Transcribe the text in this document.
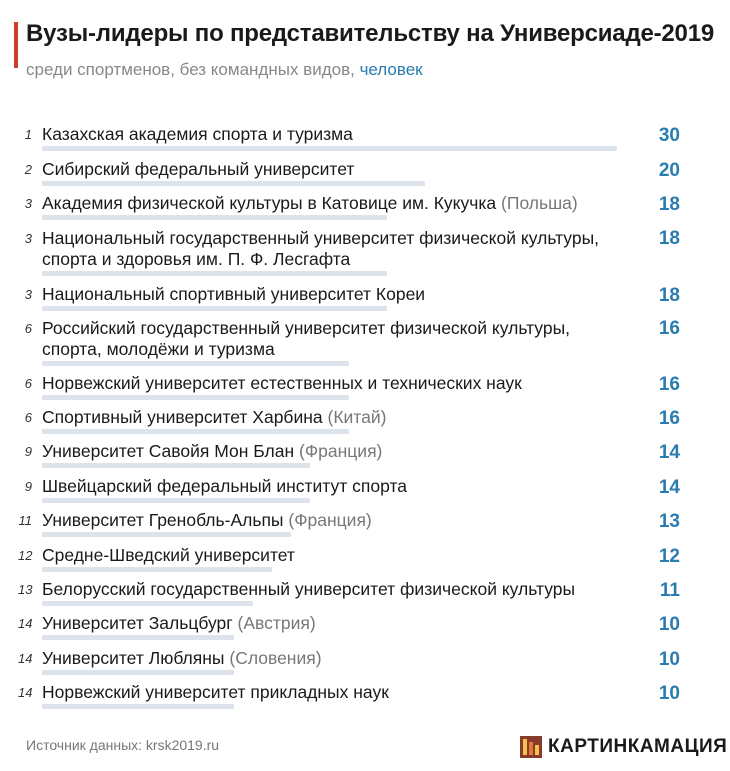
Вузы-лидеры по представительству на Универсиаде-2019
среди спортменов, без командных видов, человек
1 Казахская академия спорта и туризма	30
2 Сибирский федеральный университет	20
3 Академия физической культуры в Катовице им. Кукучка (Польша)	18
3 Национальный государственный университет физической культуры, спорта и здоровья им. П. Ф. Лесгафта
18
3 Национальный спортивный университет Кореи	18
6 Российский государственный университет физической культуры, спорта, молодёжи и туризма
16
6 Норвежский университет естественных и технических наук	16
6 Спортивный университет Харбина (Китай)	16
9 Университет Савойя Мон Блан (Франция)	14
9 Швейцарский федеральный институт спорта	14
11 Университет Гренобль-Альпы (Франция)	13
12 Средне-Шведский университет	12
13 Белорусский государственный университет физической культуры	11
14 Университет Зальцбург (Австрия)	10
14 Университет Любляны (Словения)	10
14 Норвежский университет прикладных наук	10
Источник данных: krsk2019.ru	КАРТИНКАМАЦИЯ
